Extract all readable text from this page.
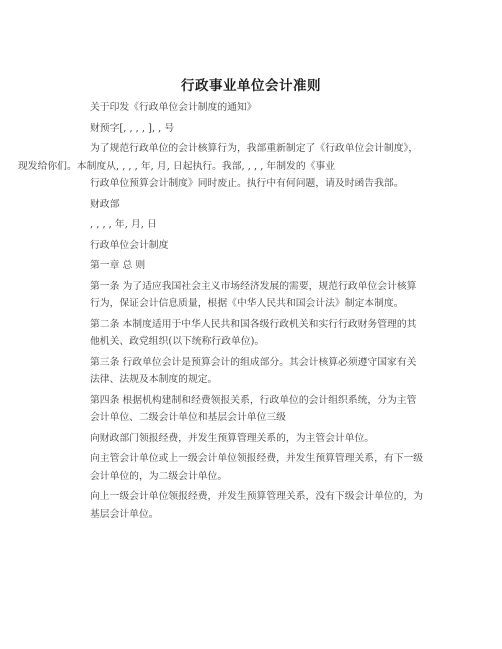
行政事业单位会计准则
关于印发《行政单位会计制度的通知》
财预字[, , , , ], , 号
为了规范行政单位的会计核算行为，我部重新制定了《行政单位会计制度》，
现发给你们。本制度从, , , , 年, 月, 日起执行。我部, , , , 年制发的《事业
行政单位预算会计制度》同时废止。执行中有何问题，请及时函告我部。
财政部
, , , , 年, 月, 日
行政单位会计制度
第一章 总 则
第一条 为了适应我国社会主义市场经济发展的需要，规范行政单位会计核算
行为，保证会计信息质量，根据《中华人民共和国会计法》制定本制度。
第二条 本制度适用于中华人民共和国各级行政机关和实行行政财务管理的其
他机关、政党组织(以下统称行政单位)。
第三条 行政单位会计是预算会计的组成部分。其会计核算必须遵守国家有关
法律、法规及本制度的规定。
第四条 根据机构建制和经费领报关系，行政单位的会计组织系统，分为主管
会计单位、二级会计单位和基层会计单位三级
向财政部门领报经费，并发生预算管理关系的，为主管会计单位。
向主管会计单位或上一级会计单位领报经费，并发生预算管理关系，有下一级
会计单位的，为二级会计单位。
向上一级会计单位领报经费，并发生预算管理关系，没有下级会计单位的，为
基层会计单位。
